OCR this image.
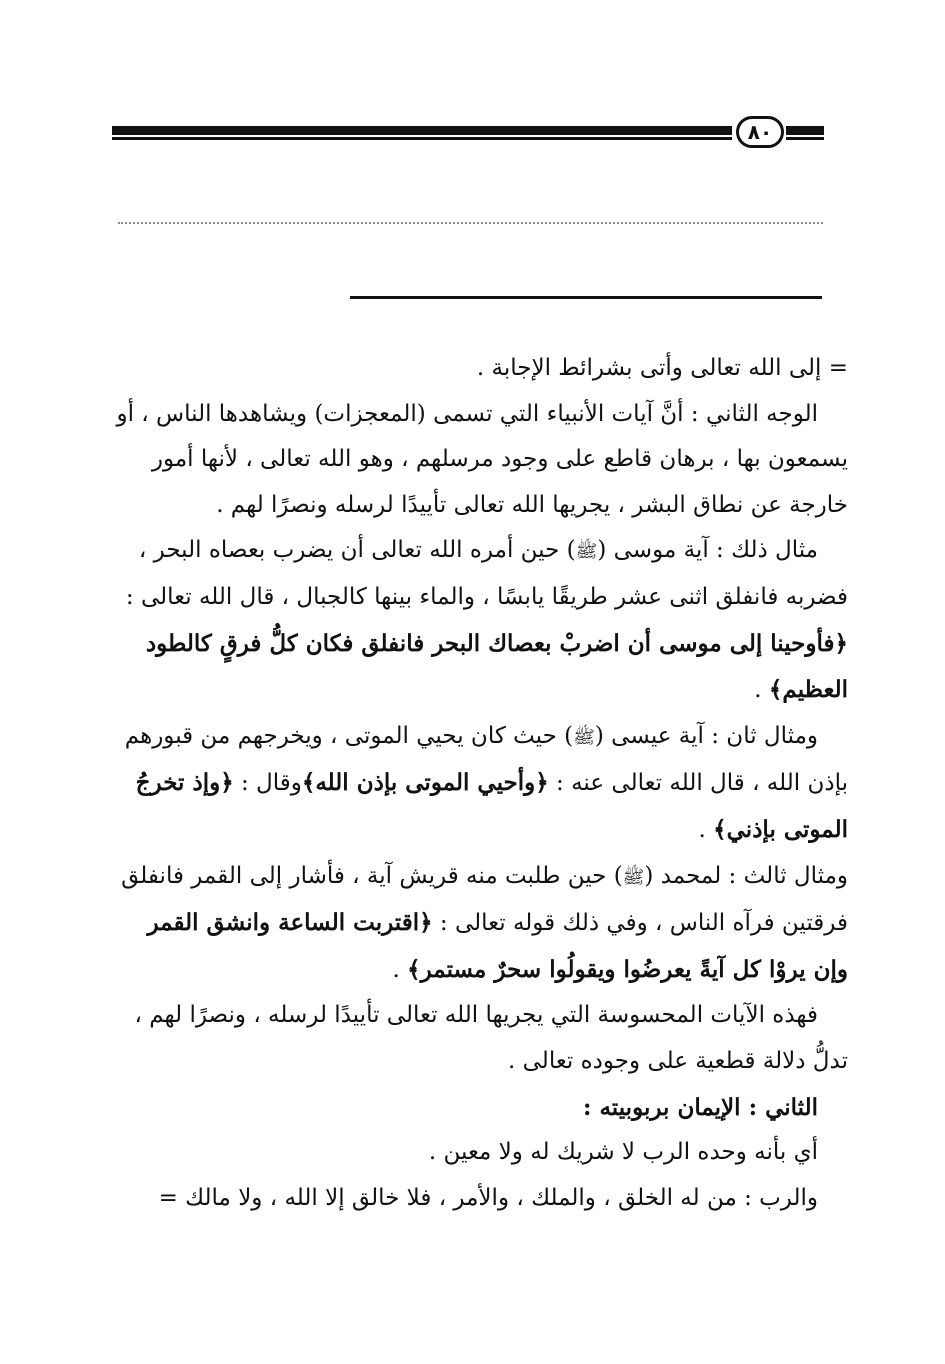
٨٠

= إلى الله تعالى وأتى بشرائط الإجابة .

الوجه الثاني : أنَّ آيات الأنبياء التي تسمى (المعجزات) ويشاهدها الناس ، أو يسمعون بها ، برهان قاطع على وجود مرسلهم ، وهو الله تعالى ، لأنها أمور خارجة عن نطاق البشر ، يجريها الله تعالى تأييدًا لرسله ونصرًا لهم .

مثال ذلك : آية موسى (ﷺ) حين أمره الله تعالى أن يضرب بعصاه البحر ، فضربه فانفلق اثنى عشر طريقًا يابسًا ، والماء بينها كالجبال ، قال الله تعالى : ﴿فأوحينا إلى موسى أن اضربْ بعصاك البحر فانفلق فكان كلُّ فرقٍ كالطود العظيم﴾ .

ومثال ثان : آية عيسى (ﷺ) حيث كان يحيي الموتى ، ويخرجهم من قبورهم بإذن الله ، قال الله تعالى عنه : ﴿وأحيي الموتى بإذن الله﴾وقال : ﴿وإذ تخرجُ الموتى بإذني﴾ .

ومثال ثالث : لمحمد (ﷺ) حين طلبت منه قريش آية ، فأشار إلى القمر فانفلق فرقتين فرآه الناس ، وفي ذلك قوله تعالى : ﴿اقتربت الساعة وانشق القمر وإن يروْا كل آيةً يعرضُوا ويقولُوا سحرٌ مستمر﴾ .

فهذه الآيات المحسوسة التي يجريها الله تعالى تأييدًا لرسله ، ونصرًا لهم ، تدلُّ دلالة قطعية على وجوده تعالى .

الثاني : الإيمان بربوبيته :

أي بأنه وحده الرب لا شريك له ولا معين .

والرب : من له الخلق ، والملك ، والأمر ، فلا خالق إلا الله ، ولا مالك =
